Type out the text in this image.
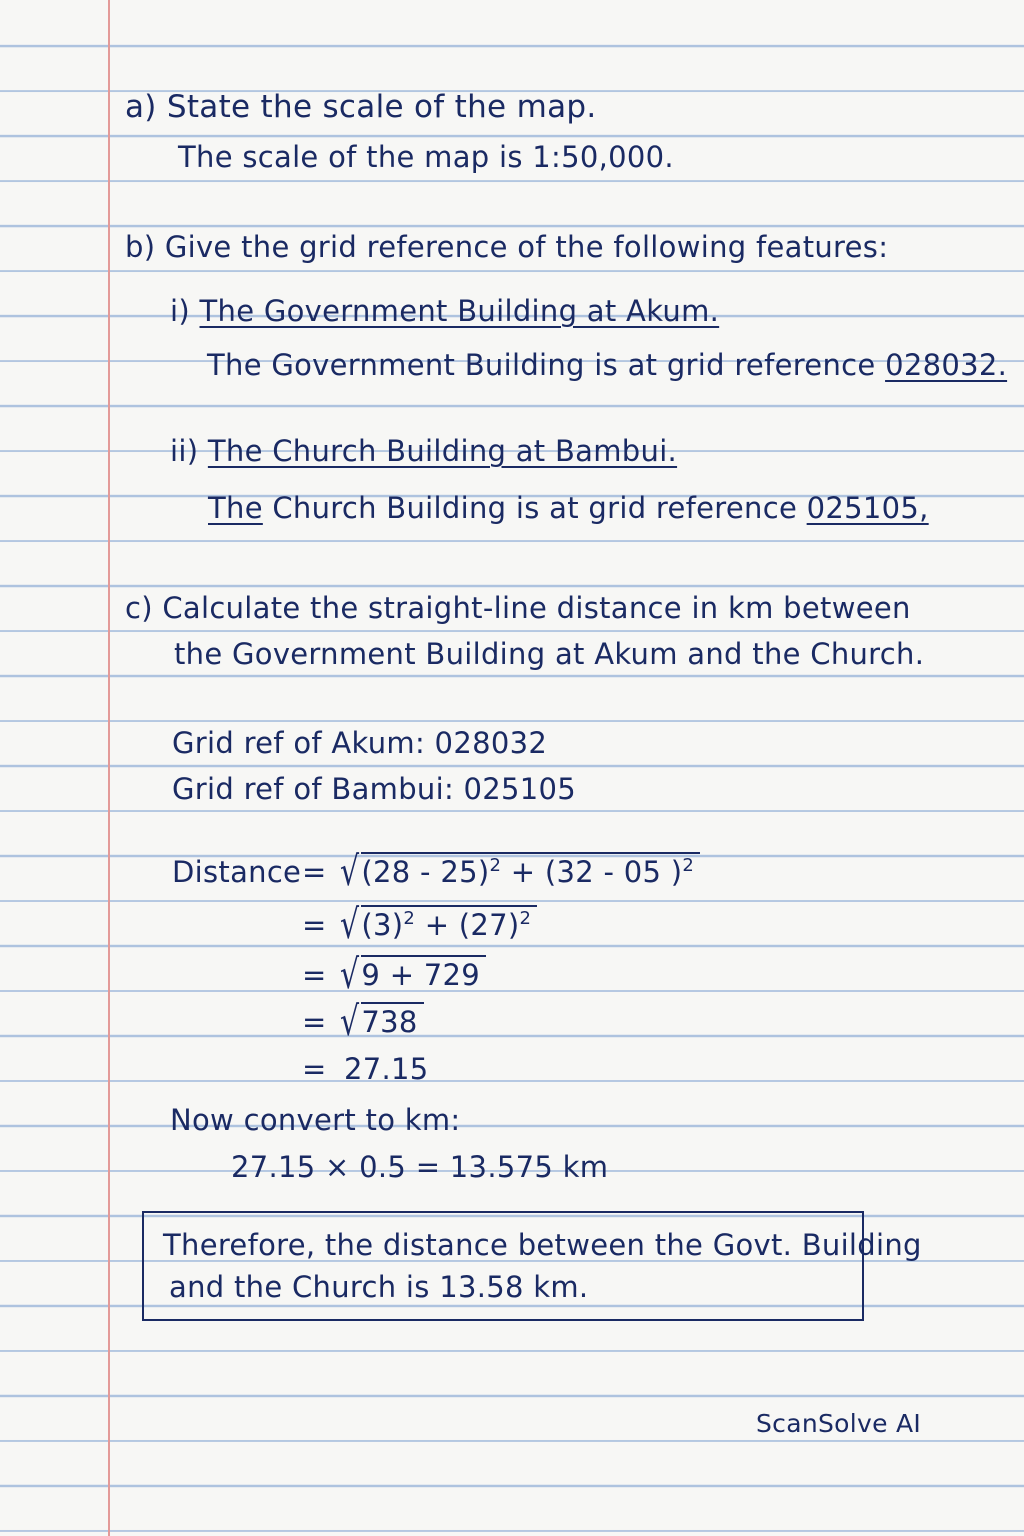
a) State the scale of the map.
The scale of the map is 1:50,000.
b) Give the grid reference of the following features:
i) The Government Building at Akum.
The Government Building is at grid reference 028032.
ii) The Church Building at Bambui.
The Church Building is at grid reference 025105,
c) Calculate the straight-line distance in km between
the Government Building at Akum and the Church.
Grid ref of Akum: 028032
Grid ref of Bambui: 025105
Distance = √(28 - 25)$^2$ + (32 - 05 )$^2$
= $√(3)^2 + (27)^2$
= √9 + 729
= √738
= 27.15
Now convert to km:
27.15 × 0.5 = 13.575 km
Therefore, the distance between the Govt. Building
and the Church is 13.58 km.
ScanSolve AI
